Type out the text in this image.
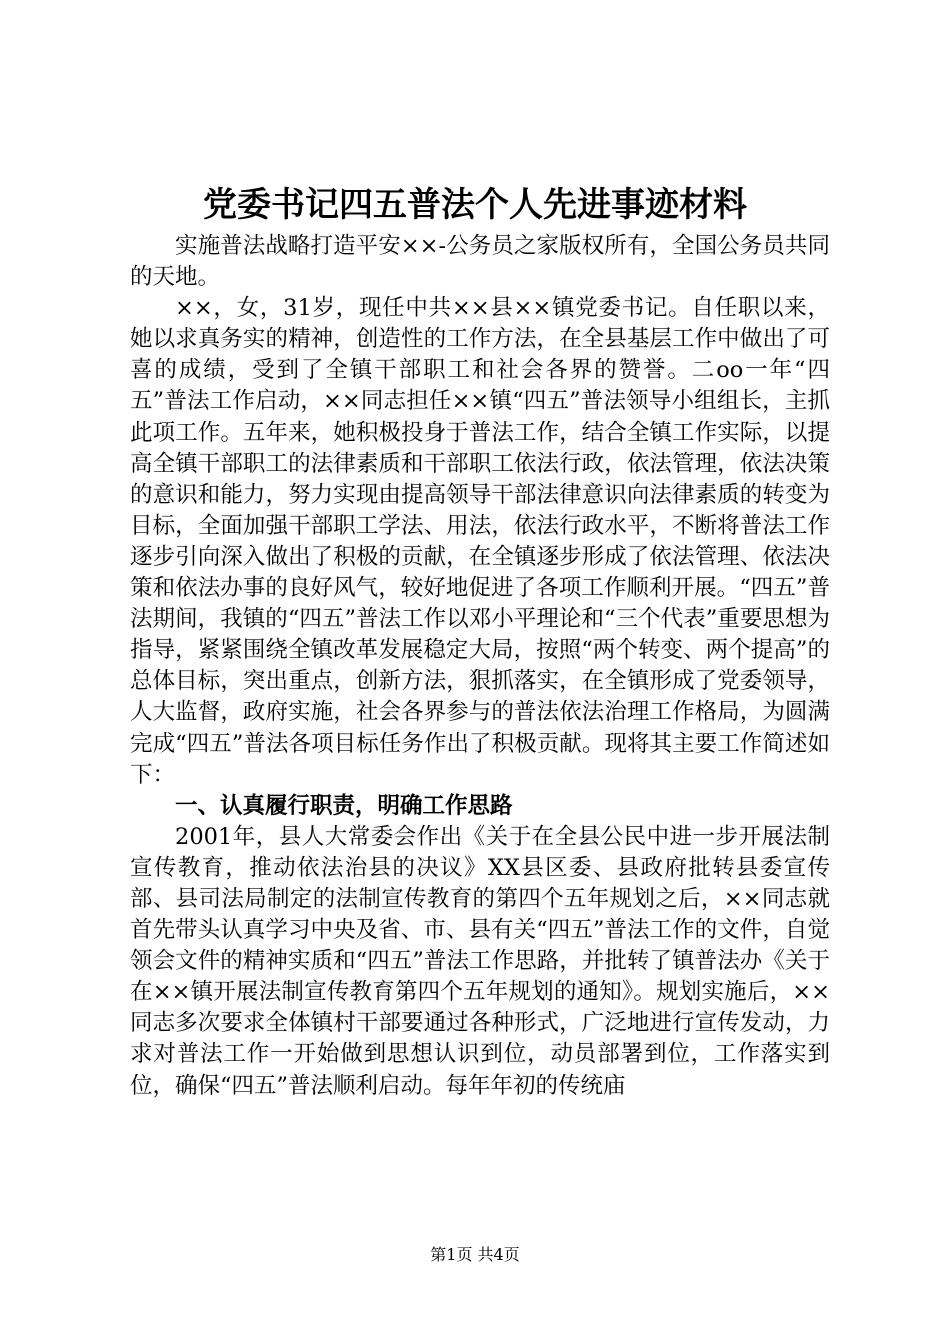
党委书记四五普法个人先进事迹材料

实施普法战略打造平安××-公务员之家版权所有，全国公务员共同的天地。

××，女，31岁，现任中共××县××镇党委书记。自任职以来，她以求真务实的精神，创造性的工作方法，在全县基层工作中做出了可喜的成绩，受到了全镇干部职工和社会各界的赞誉。二oo一年“四五”普法工作启动，××同志担任××镇“四五”普法领导小组组长，主抓此项工作。五年来，她积极投身于普法工作，结合全镇工作实际，以提高全镇干部职工的法律素质和干部职工依法行政，依法管理，依法决策的意识和能力，努力实现由提高领导干部法律意识向法律素质的转变为目标，全面加强干部职工学法、用法，依法行政水平，不断将普法工作逐步引向深入做出了积极的贡献，在全镇逐步形成了依法管理、依法决策和依法办事的良好风气，较好地促进了各项工作顺利开展。“四五”普法期间，我镇的“四五”普法工作以邓小平理论和“三个代表”重要思想为指导，紧紧围绕全镇改革发展稳定大局，按照“两个转变、两个提高”的总体目标，突出重点，创新方法，狠抓落实，在全镇形成了党委领导，人大监督，政府实施，社会各界参与的普法依法治理工作格局，为圆满完成“四五”普法各项目标任务作出了积极贡献。现将其主要工作简述如下：

一、认真履行职责，明确工作思路

2001年，县人大常委会作出《关于在全县公民中进一步开展法制宣传教育，推动依法治县的决议》XX县区委、县政府批转县委宣传部、县司法局制定的法制宣传教育的第四个五年规划之后，××同志就首先带头认真学习中央及省、市、县有关“四五”普法工作的文件，自觉领会文件的精神实质和“四五”普法工作思路，并批转了镇普法办《关于在××镇开展法制宣传教育第四个五年规划的通知》。规划实施后，××同志多次要求全体镇村干部要通过各种形式，广泛地进行宣传发动，力求对普法工作一开始做到思想认识到位，动员部署到位，工作落实到位，确保“四五”普法顺利启动。每年年初的传统庙

第1页 共4页
